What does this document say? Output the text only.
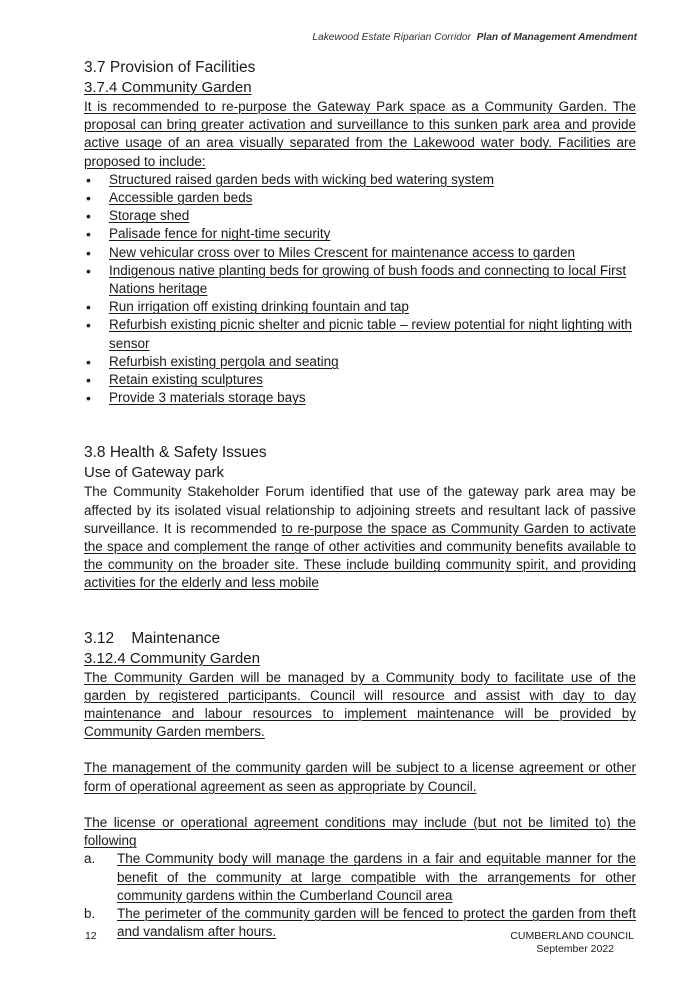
Lakewood Estate Riparian Corridor Plan of Management Amendment

3.7 Provision of Facilities

3.7.4 Community Garden

It is recommended to re-purpose the Gateway Park space as a Community Garden. The proposal can bring greater activation and surveillance to this sunken park area and provide active usage of an area visually separated from the Lakewood water body. Facilities are proposed to include:

• Structured raised garden beds with wicking bed watering system
• Accessible garden beds
• Storage shed
• Palisade fence for night-time security
• New vehicular cross over to Miles Crescent for maintenance access to garden
• Indigenous native planting beds for growing of bush foods and connecting to local First Nations heritage
• Run irrigation off existing drinking fountain and tap
• Refurbish existing picnic shelter and picnic table – review potential for night lighting with sensor
• Refurbish existing pergola and seating
• Retain existing sculptures
• Provide 3 materials storage bays

3.8 Health & Safety Issues

Use of Gateway park

The Community Stakeholder Forum identified that use of the gateway park area may be affected by its isolated visual relationship to adjoining streets and resultant lack of passive surveillance. It is recommended to re-purpose the space as Community Garden to activate the space and complement the range of other activities and community benefits available to the community on the broader site. These include building community spirit, and providing activities for the elderly and less mobile

3.12    Maintenance

3.12.4 Community Garden

The Community Garden will be managed by a Community body to facilitate use of the garden by registered participants. Council will resource and assist with day to day maintenance and labour resources to implement maintenance will be provided by Community Garden members.

The management of the community garden will be subject to a license agreement or other form of operational agreement as seen as appropriate by Council.

The license or operational agreement conditions may include (but not be limited to) the following

a. The Community body will manage the gardens in a fair and equitable manner for the benefit of the community at large compatible with the arrangements for other community gardens within the Cumberland Council area
b. The perimeter of the community garden will be fenced to protect the garden from theft and vandalism after hours.
12	CUMBERLAND COUNCIL
September 2022
